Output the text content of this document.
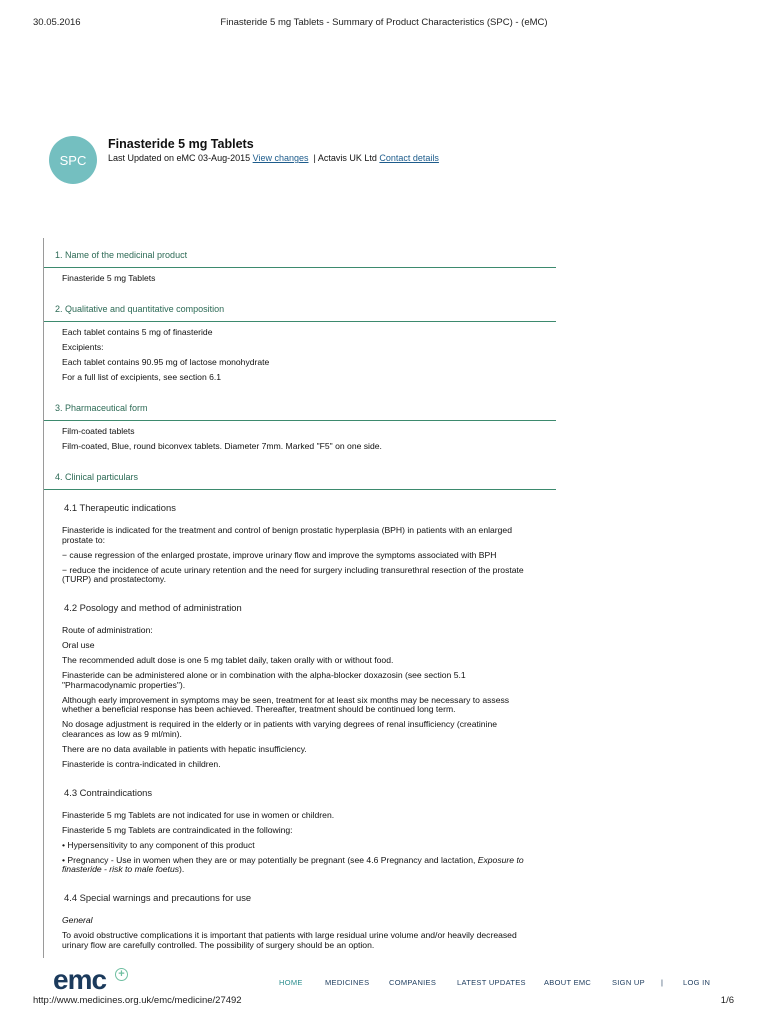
30.05.2016	Finasteride 5 mg Tablets - Summary of Product Characteristics (SPC) - (eMC)
SPC
Finasteride 5 mg Tablets
Last Updated on eMC 03-Aug-2015 View changes | Actavis UK Ltd Contact details
1. Name of the medicinal product

Finasteride 5 mg Tablets

2. Qualitative and quantitative composition

Each tablet contains 5 mg of finasteride

Excipients:

Each tablet contains 90.95 mg of lactose monohydrate

For a full list of excipients, see section 6.1

3. Pharmaceutical form

Film-coated tablets

Film-coated, Blue, round biconvex tablets. Diameter 7mm. Marked "F5" on one side.

4. Clinical particulars
4.1 Therapeutic indications

Finasteride is indicated for the treatment and control of benign prostatic hyperplasia (BPH) in patients with an enlarged prostate to:

− cause regression of the enlarged prostate, improve urinary flow and improve the symptoms associated with BPH

− reduce the incidence of acute urinary retention and the need for surgery including transurethral resection of the prostate (TURP) and prostatectomy.

4.2 Posology and method of administration

Route of administration:

Oral use

The recommended adult dose is one 5 mg tablet daily, taken orally with or without food.

Finasteride can be administered alone or in combination with the alpha-blocker doxazosin (see section 5.1 "Pharmacodynamic properties").

Although early improvement in symptoms may be seen, treatment for at least six months may be necessary to assess whether a beneficial response has been achieved. Thereafter, treatment should be continued long term.

No dosage adjustment is required in the elderly or in patients with varying degrees of renal insufficiency (creatinine clearances as low as 9 ml/min).

There are no data available in patients with hepatic insufficiency.

Finasteride is contra-indicated in children.

4.3 Contraindications

Finasteride 5 mg Tablets are not indicated for use in women or children.

Finasteride 5 mg Tablets are contraindicated in the following:

• Hypersensitivity to any component of this product

• Pregnancy - Use in women when they are or may potentially be pregnant (see 4.6 Pregnancy and lactation, Exposure to finasteride - risk to male foetus).

4.4 Special warnings and precautions for use

General

To avoid obstructive complications it is important that patients with large residual urine volume and/or heavily decreased urinary flow are carefully controlled. The possibility of surgery should be an option.

emc +
HOME	MEDICINES	COMPANIES	LATEST UPDATES ABOUT EMC	SIGN UP |	LOG IN
http://www.medicines.org.uk/emc/medicine/27492	1/6
